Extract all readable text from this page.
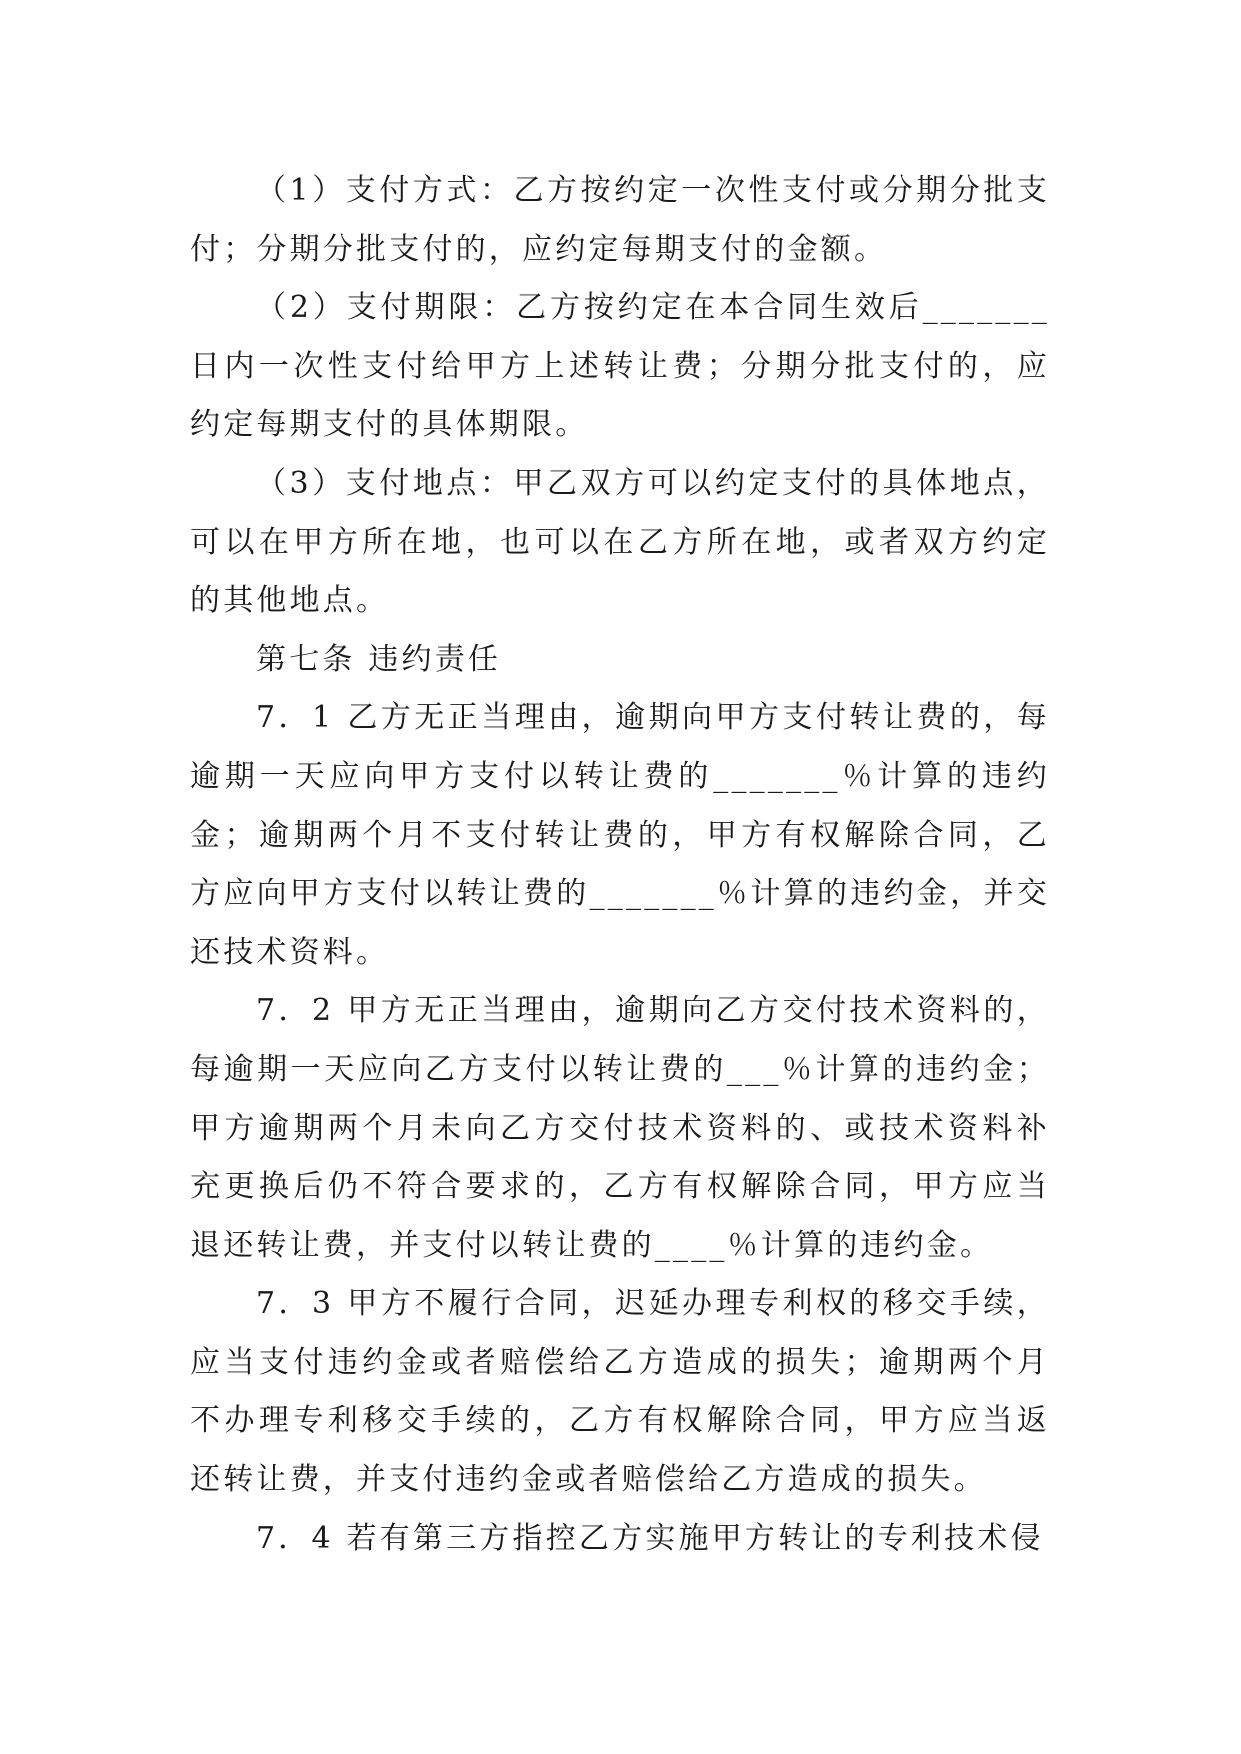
（1）支付方式：乙方按约定一次性支付或分期分批支付；分期分批支付的，应约定每期支付的金额。

（2）支付期限：乙方按约定在本合同生效后_______日内一次性支付给甲方上述转让费；分期分批支付的，应约定每期支付的具体期限。

（3）支付地点：甲乙双方可以约定支付的具体地点，可以在甲方所在地，也可以在乙方所在地，或者双方约定的其他地点。

第七条 违约责任

7．1 乙方无正当理由，逾期向甲方支付转让费的，每逾期一天应向甲方支付以转让费的_______％计算的违约金；逾期两个月不支付转让费的，甲方有权解除合同，乙方应向甲方支付以转让费的_______％计算的违约金，并交还技术资料。

7．2 甲方无正当理由，逾期向乙方交付技术资料的，每逾期一天应向乙方支付以转让费的___％计算的违约金；甲方逾期两个月未向乙方交付技术资料的、或技术资料补充更换后仍不符合要求的，乙方有权解除合同，甲方应当退还转让费，并支付以转让费的____％计算的违约金。

7．3 甲方不履行合同，迟延办理专利权的移交手续，应当支付违约金或者赔偿给乙方造成的损失；逾期两个月不办理专利移交手续的，乙方有权解除合同，甲方应当返还转让费，并支付违约金或者赔偿给乙方造成的损失。

7．4 若有第三方指控乙方实施甲方转让的专利技术侵
